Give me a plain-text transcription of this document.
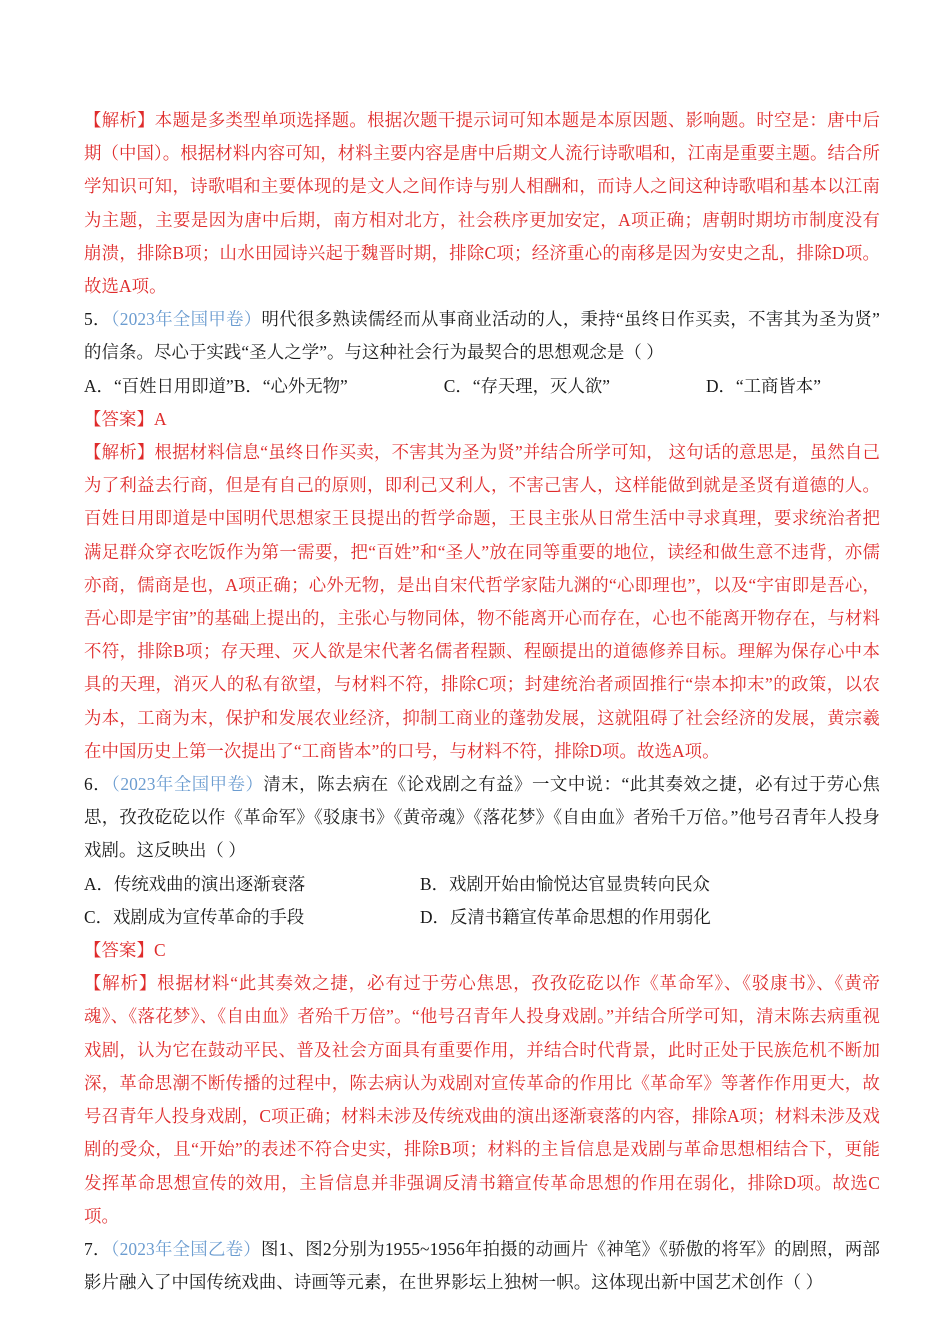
【解析】本题是多类型单项选择题。根据次题干提示词可知本题是本原因题、影响题。时空是：唐中后期（中国）。根据材料内容可知，材料主要内容是唐中后期文人流行诗歌唱和，江南是重要主题。结合所学知识可知，诗歌唱和主要体现的是文人之间作诗与别人相酬和，而诗人之间这种诗歌唱和基本以江南为主题，主要是因为唐中后期，南方相对北方，社会秩序更加安定，A项正确；唐朝时期坊市制度没有崩溃，排除B项；山水田园诗兴起于魏晋时期，排除C项；经济重心的南移是因为安史之乱，排除D项。故选A项。

5．（2023年全国甲卷）明代很多熟读儒经而从事商业活动的人，秉持“虽终日作买卖，不害其为圣为贤”的信条。尽心于实践“圣人之学”。与这种社会行为最契合的思想观念是（ ）

A．“百姓日用即道”B．“心外无物”	C．“存天理，灭人欲”	D．“工商皆本”

【答案】A

【解析】根据材料信息“虽终日作买卖，不害其为圣为贤”并结合所学可知， 这句话的意思是，虽然自己为了利益去行商，但是有自己的原则，即利己又利人，不害己害人，这样能做到就是圣贤有道德的人。百姓日用即道是中国明代思想家王艮提出的哲学命题，王艮主张从日常生活中寻求真理，要求统治者把满足群众穿衣吃饭作为第一需要，把“百姓”和“圣人”放在同等重要的地位，读经和做生意不违背，亦儒亦商，儒商是也，A项正确；心外无物，是出自宋代哲学家陆九渊的“心即理也”，以及“宇宙即是吾心，吾心即是宇宙”的基础上提出的，主张心与物同体，物不能离开心而存在，心也不能离开物存在，与材料不符，排除B项；存天理、灭人欲是宋代著名儒者程颢、程颐提出的道德修养目标。理解为保存心中本具的天理，消灭人的私有欲望，与材料不符，排除C项；封建统治者顽固推行“崇本抑末”的政策，以农为本，工商为末，保护和发展农业经济，抑制工商业的蓬勃发展，这就阻碍了社会经济的发展，黄宗羲在中国历史上第一次提出了“工商皆本”的口号，与材料不符，排除D项。故选A项。

6．（2023年全国甲卷）清末，陈去病在《论戏剧之有益》一文中说：“此其奏效之捷，必有过于劳心焦思，孜孜矻矻以作《革命军》《驳康书》《黄帝魂》《落花梦》《自由血》者殆千万倍。”他号召青年人投身戏剧。这反映出（ ）

A．传统戏曲的演出逐渐衰落	B．戏剧开始由愉悦达官显贵转向民众
C．戏剧成为宣传革命的手段	D．反清书籍宣传革命思想的作用弱化

【答案】C

【解析】根据材料“此其奏效之捷，必有过于劳心焦思，孜孜矻矻以作《革命军》、《驳康书》、《黄帝魂》、《落花梦》、《自由血》者殆千万倍”。“他号召青年人投身戏剧。”并结合所学可知，清末陈去病重视戏剧，认为它在鼓动平民、普及社会方面具有重要作用，并结合时代背景，此时正处于民族危机不断加深，革命思潮不断传播的过程中，陈去病认为戏剧对宣传革命的作用比《革命军》等著作作用更大，故号召青年人投身戏剧，C项正确；材料未涉及传统戏曲的演出逐渐衰落的内容，排除A项；材料未涉及戏剧的受众，且“开始”的表述不符合史实，排除B项；材料的主旨信息是戏剧与革命思想相结合下，更能发挥革命思想宣传的效用，主旨信息并非强调反清书籍宣传革命思想的作用在弱化，排除D项。故选C项。

7．（2023年全国乙卷）图1、图2分别为1955~1956年拍摄的动画片《神笔》《骄傲的将军》的剧照，两部影片融入了中国传统戏曲、诗画等元素，在世界影坛上独树一帜。这体现出新中国艺术创作（ ）
